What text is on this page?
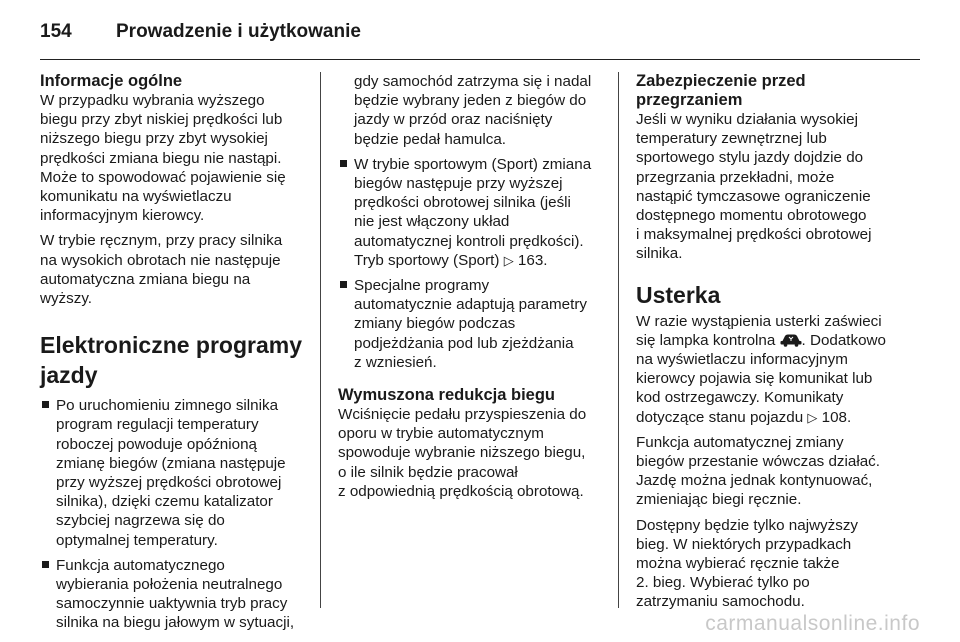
154	Prowadzenie i użytkowanie
Informacje ogólne
W przypadku wybrania wyższego
biegu przy zbyt niskiej prędkości lub
niższego biegu przy zbyt wysokiej
prędkości zmiana biegu nie nastąpi.
Może to spowodować pojawienie się
komunikatu na wyświetlaczu
informacyjnym kierowcy.
W trybie ręcznym, przy pracy silnika
na wysokich obrotach nie następuje
automatyczna zmiana biegu na
wyższy.
Elektroniczne programy
jazdy
Po uruchomieniu zimnego silnika
program regulacji temperatury
roboczej powoduje opóźnioną
zmianę biegów (zmiana następuje
przy wyższej prędkości obrotowej
silnika), dzięki czemu katalizator
szybciej nagrzewa się do
optymalnej temperatury.
Funkcja automatycznego
wybierania położenia neutralnego
samoczynnie uaktywnia tryb pracy
silnika na biegu jałowym w sytuacji,
gdy samochód zatrzyma się i nadal
będzie wybrany jeden z biegów do
jazdy w przód oraz naciśnięty
będzie pedał hamulca.
W trybie sportowym (Sport) zmiana
biegów następuje przy wyższej
prędkości obrotowej silnika (jeśli
nie jest włączony układ
automatycznej kontroli prędkości).
Tryb sportowy (Sport) ▷ 163.
Specjalne programy
automatycznie adaptują parametry
zmiany biegów podczas
podjeżdżania pod lub zjeżdżania
z wzniesień.
Wymuszona redukcja biegu
Wciśnięcie pedału przyspieszenia do
oporu w trybie automatycznym
spowoduje wybranie niższego biegu,
o ile silnik będzie pracował
z odpowiednią prędkością obrotową.
Zabezpieczenie przed
przegrzaniem
Jeśli w wyniku działania wysokiej
temperatury zewnętrznej lub
sportowego stylu jazdy dojdzie do
przegrzania przekładni, może
nastąpić tymczasowe ograniczenie
dostępnego momentu obrotowego
i maksymalnej prędkości obrotowej
silnika.
Usterka
W razie wystąpienia usterki zaświeci
się lampka kontrolna . Dodatkowo
na wyświetlaczu informacyjnym
kierowcy pojawia się komunikat lub
kod ostrzegawczy. Komunikaty
dotyczące stanu pojazdu ▷ 108.
Funkcja automatycznej zmiany
biegów przestanie wówczas działać.
Jazdę można jednak kontynuować,
zmieniając biegi ręcznie.
Dostępny będzie tylko najwyższy
bieg. W niektórych przypadkach
można wybierać ręcznie także
2. bieg. Wybierać tylko po
zatrzymaniu samochodu.
carmanualsonline.info
